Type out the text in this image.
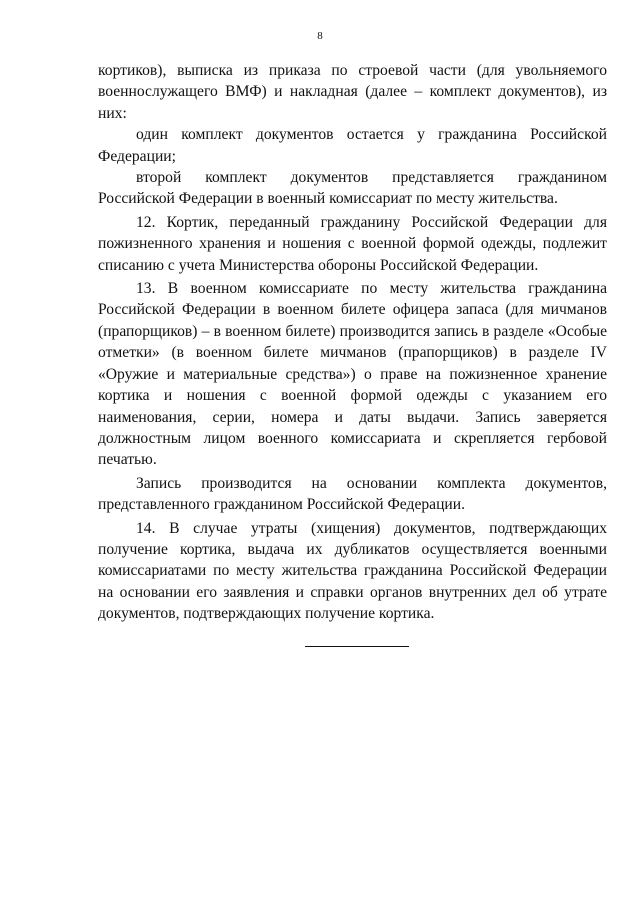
8

кортиков), выписка из приказа по строевой части (для увольняемого военнослужащего ВМФ) и накладная (далее – комплект документов), из них:

один комплект документов остается у гражданина Российской Федерации;

второй комплект документов представляется гражданином Российской Федерации в военный комиссариат по месту жительства.

12. Кортик, переданный гражданину Российской Федерации для пожизненного хранения и ношения с военной формой одежды, подлежит списанию с учета Министерства обороны Российской Федерации.

13. В военном комиссариате по месту жительства гражданина Российской Федерации в военном билете офицера запаса (для мичманов (прапорщиков) – в военном билете) производится запись в разделе «Особые отметки» (в военном билете мичманов (прапорщиков) в разделе IV «Оружие и материальные средства») о праве на пожизненное хранение кортика и ношения с военной формой одежды с указанием его наименования, серии, номера и даты выдачи. Запись заверяется должностным лицом военного комиссариата и скрепляется гербовой печатью.

Запись производится на основании комплекта документов, представленного гражданином Российской Федерации.

14. В случае утраты (хищения) документов, подтверждающих получение кортика, выдача их дубликатов осуществляется военными комиссариатами по месту жительства гражданина Российской Федерации на основании его заявления и справки органов внутренних дел об утрате документов, подтверждающих получение кортика.
